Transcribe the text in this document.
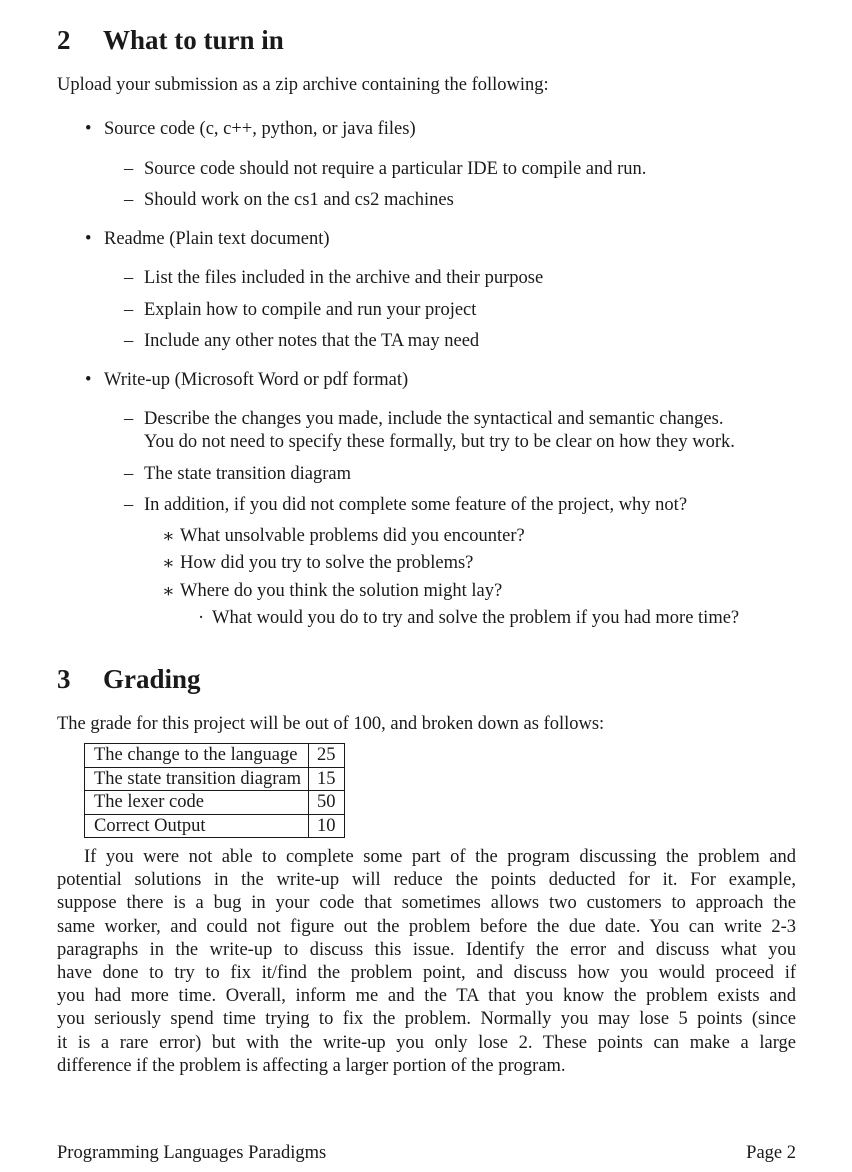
2 What to turn in
Upload your submission as a zip archive containing the following:
• Source code (c, c++, python, or java files)
– Source code should not require a particular IDE to compile and run.
– Should work on the cs1 and cs2 machines
• Readme (Plain text document)
– List the files included in the archive and their purpose
– Explain how to compile and run your project
– Include any other notes that the TA may need
• Write-up (Microsoft Word or pdf format)
– Describe the changes you made, include the syntactical and semantic changes.
You do not need to specify these formally, but try to be clear on how they work.
– The state transition diagram
– In addition, if you did not complete some feature of the project, why not?
∗ What unsolvable problems did you encounter?
∗ How did you try to solve the problems?
∗ Where do you think the solution might lay?
· What would you do to try and solve the problem if you had more time?
3 Grading
The grade for this project will be out of 100, and broken down as follows:
The change to the language	25
The state transition diagram	15
The lexer code	50
Correct Output	10
If you were not able to complete some part of the program discussing the problem and
potential solutions in the write-up will reduce the points deducted for it. For example,
suppose there is a bug in your code that sometimes allows two customers to approach the
same worker, and could not figure out the problem before the due date. You can write 2-3
paragraphs in the write-up to discuss this issue. Identify the error and discuss what you
have done to try to fix it/find the problem point, and discuss how you would proceed if
you had more time. Overall, inform me and the TA that you know the problem exists and
you seriously spend time trying to fix the problem. Normally you may lose 5 points (since
it is a rare error) but with the write-up you only lose 2. These points can make a large
difference if the problem is affecting a larger portion of the program.
Programming Languages Paradigms	Page 2
